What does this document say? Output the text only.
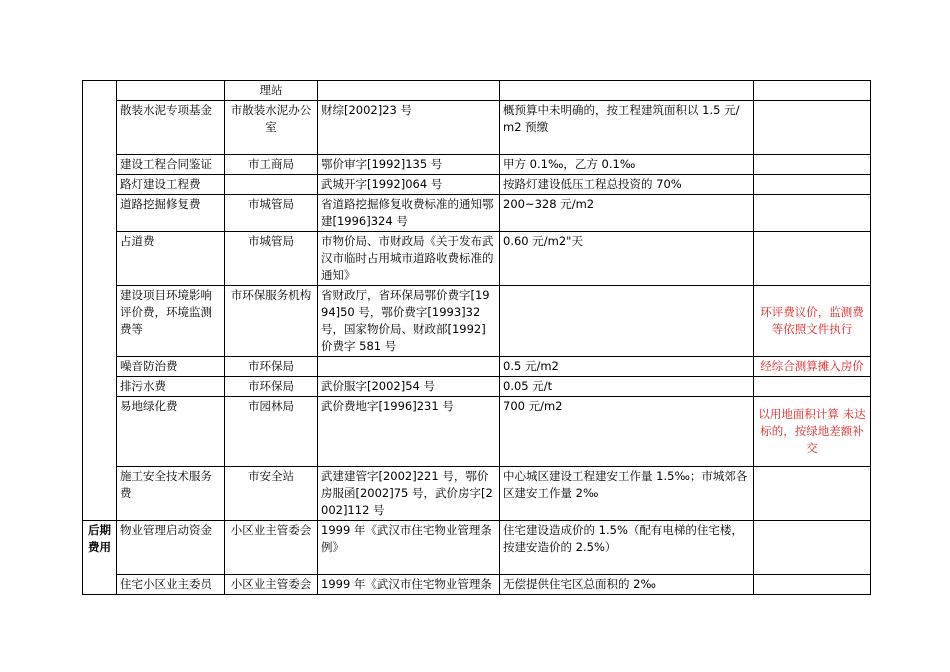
		理站			
	散装水泥专项基金	市散装水泥办公室	财综[2002]23 号	概预算中未明确的，按工程建筑面积以 1.5 元/m2 预缴	
	建设工程合同鉴证	市工商局	鄂价审字[1992]135 号	甲方 0.1‰，乙方 0.1‰	
	路灯建设工程费		武城开字[1992]064 号	按路灯建设低压工程总投资的 70%	
	道路挖掘修复费	市城管局	省道路挖掘修复收费标准的通知鄂建[1996]324 号	200~328 元/m2	
	占道费	市城管局	市物价局、市财政局《关于发布武汉市临时占用城市道路收费标准的通知》	0.60 元/m2"天	
	建设项目环境影响评价费，环境监测费等	市环保服务机构	省财政厅，省环保局鄂价费字[1994]50 号，鄂价费字[1993]32 号，国家物价局、财政部[1992]价费字 581 号		环评费议价，监测费等依照文件执行
	噪音防治费	市环保局		0.5 元/m2	经综合测算摊入房价
	排污水费	市环保局	武价服字[2002]54 号	0.05 元/t	
	易地绿化费	市园林局	武价费地字[1996]231 号	700 元/m2	以用地面积计算 未达标的，按绿地差额补交
	施工安全技术服务费	市安全站	武建建管字[2002]221 号，鄂价房服函[2002]75 号，武价房字[2002]112 号	中心城区建设工程建安工作量 1.5‰；市城郊各区建安工作量 2‰	
后期费用	物业管理启动资金	小区业主管委会	1999 年《武汉市住宅物业管理条例》	住宅建设造成价的 1.5%（配有电梯的住宅楼，按建安造价的 2.5%）	
	住宅小区业主委员	小区业主管委会	1999 年《武汉市住宅物业管理条	无偿提供住宅区总面积的 2‰	
